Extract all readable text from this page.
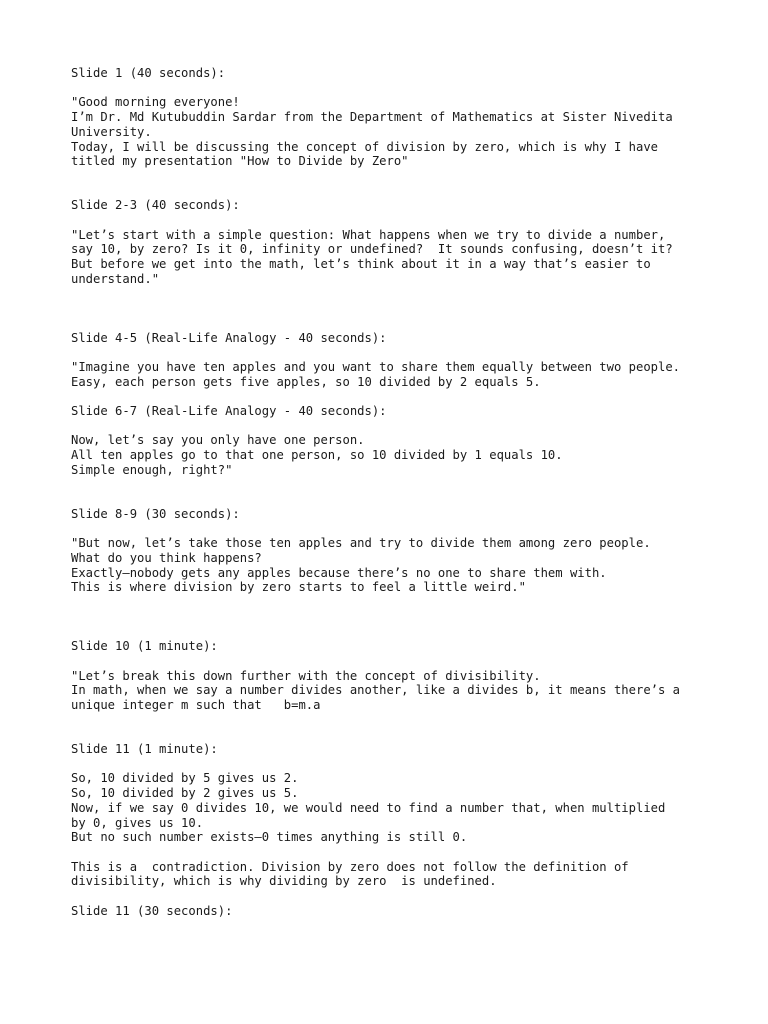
Slide 1 (40 seconds):
"Good morning everyone!
I’m Dr. Md Kutubuddin Sardar from the Department of Mathematics at Sister Nivedita
University.
Today, I will be discussing the concept of division by zero, which is why I have
titled my presentation "How to Divide by Zero"
Slide 2-3 (40 seconds):
"Let’s start with a simple question: What happens when we try to divide a number,
say 10, by zero? Is it 0, infinity or undefined?  It sounds confusing, doesn’t it?
But before we get into the math, let’s think about it in a way that’s easier to
understand."
Slide 4-5 (Real-Life Analogy - 40 seconds):
"Imagine you have ten apples and you want to share them equally between two people.
Easy, each person gets five apples, so 10 divided by 2 equals 5.
Slide 6-7 (Real-Life Analogy - 40 seconds):
Now, let’s say you only have one person.
All ten apples go to that one person, so 10 divided by 1 equals 10.
Simple enough, right?"
Slide 8-9 (30 seconds):
"But now, let’s take those ten apples and try to divide them among zero people.
What do you think happens?
Exactly—nobody gets any apples because there’s no one to share them with.
This is where division by zero starts to feel a little weird."
Slide 10 (1 minute):
"Let’s break this down further with the concept of divisibility.
In math, when we say a number divides another, like a divides b, it means there’s a
unique integer m such that   b=m.a
Slide 11 (1 minute):
So, 10 divided by 5 gives us 2.
So, 10 divided by 2 gives us 5.
Now, if we say 0 divides 10, we would need to find a number that, when multiplied
by 0, gives us 10.
But no such number exists—0 times anything is still 0.
This is a  contradiction. Division by zero does not follow the definition of
divisibility, which is why dividing by zero  is undefined.
Slide 11 (30 seconds):
